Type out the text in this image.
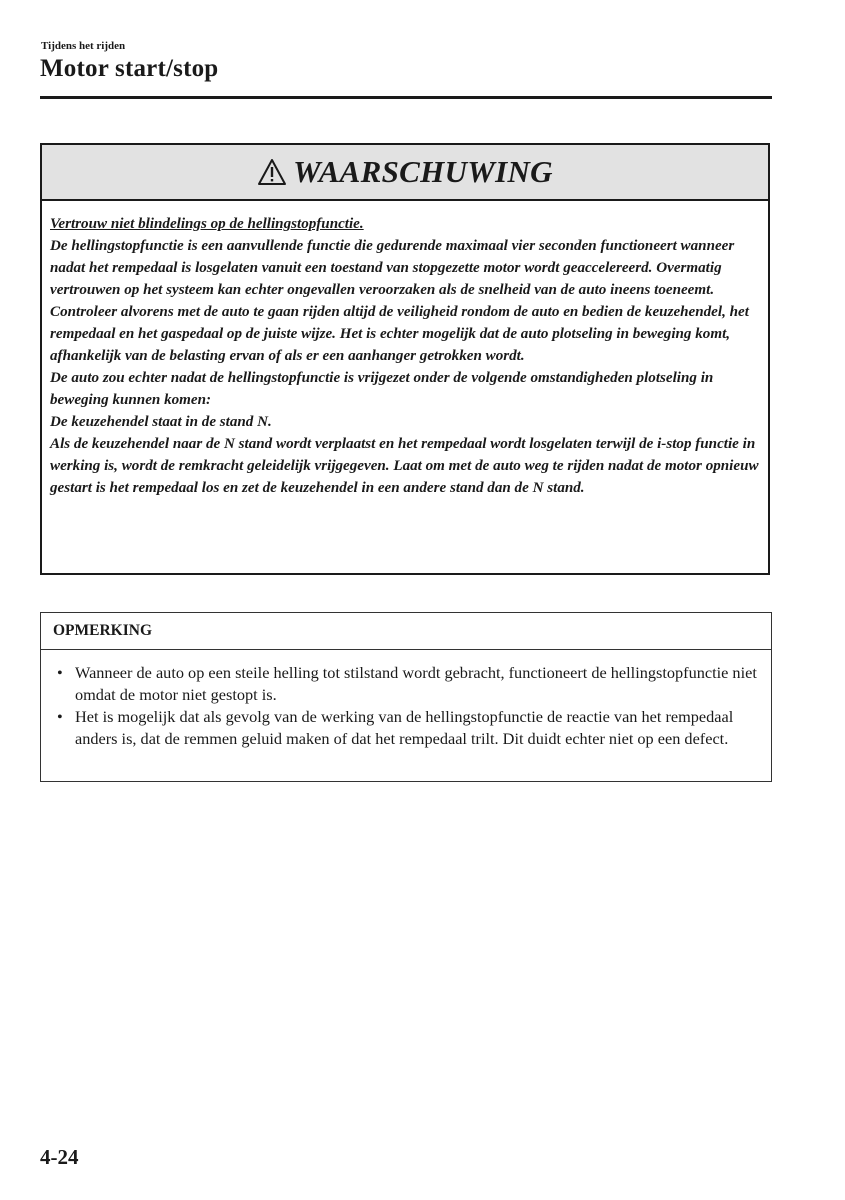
Tijdens het rijden
Motor start/stop
WAARSCHUWING

Vertrouw niet blindelings op de hellingstopfunctie.

De hellingstopfunctie is een aanvullende functie die gedurende maximaal vier seconden functioneert wanneer nadat het rempedaal is losgelaten vanuit een toestand van stopgezette motor wordt geaccelereerd. Overmatig vertrouwen op het systeem kan echter ongevallen veroorzaken als de snelheid van de auto ineens toeneemt. Controleer alvorens met de auto te gaan rijden altijd de veiligheid rondom de auto en bedien de keuzehendel, het rempedaal en het gaspedaal op de juiste wijze. Het is echter mogelijk dat de auto plotseling in beweging komt, afhankelijk van de belasting ervan of als er een aanhanger getrokken wordt.

De auto zou echter nadat de hellingstopfunctie is vrijgezet onder de volgende omstandigheden plotseling in beweging kunnen komen:

De keuzehendel staat in de stand N.

Als de keuzehendel naar de N stand wordt verplaatst en het rempedaal wordt losgelaten terwijl de i-stop functie in werking is, wordt de remkracht geleidelijk vrijgegeven. Laat om met de auto weg te rijden nadat de motor opnieuw gestart is het rempedaal los en zet de keuzehendel in een andere stand dan de N stand.

OPMERKING
• Wanneer de auto op een steile helling tot stilstand wordt gebracht, functioneert de hellingstopfunctie niet omdat de motor niet gestopt is.
• Het is mogelijk dat als gevolg van de werking van de hellingstopfunctie de reactie van het rempedaal anders is, dat de remmen geluid maken of dat het rempedaal trilt. Dit duidt echter niet op een defect.
4-24
